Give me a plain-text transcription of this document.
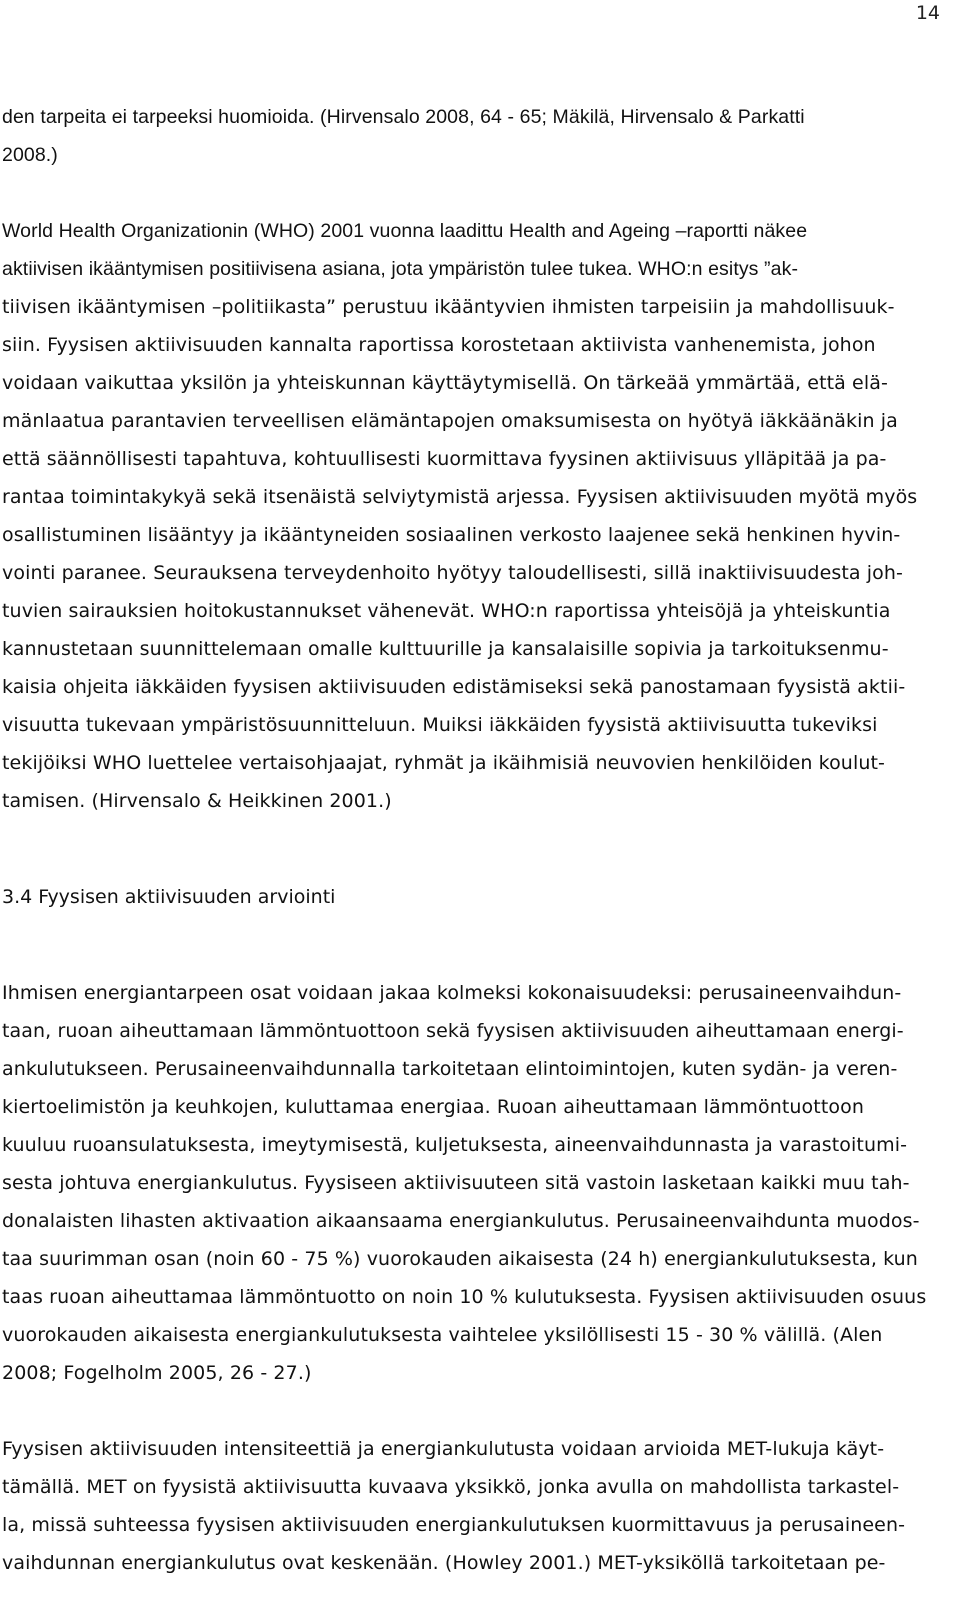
14
den tarpeita ei tarpeeksi huomioida. (Hirvensalo 2008, 64 - 65; Mäkilä, Hirvensalo & Parkatti
2008.)
World Health Organizationin (WHO) 2001 vuonna laadittu Health and Ageing –raportti näkee
aktiivisen ikääntymisen positiivisena asiana, jota ympäristön tulee tukea. WHO:n esitys ”ak-
tiivisen ikääntymisen –politiikasta” perustuu ikääntyvien ihmisten tarpeisiin ja mahdollisuuk-
siin. Fyysisen aktiivisuuden kannalta raportissa korostetaan aktiivista vanhenemista, johon
voidaan vaikuttaa yksilön ja yhteiskunnan käyttäytymisellä. On tärkeää ymmärtää, että elä-
mänlaatua parantavien terveellisen elämäntapojen omaksumisesta on hyötyä iäkkäänäkin ja
että säännöllisesti tapahtuva, kohtuullisesti kuormittava fyysinen aktiivisuus ylläpitää ja pa-
rantaa toimintakykyä sekä itsenäistä selviytymistä arjessa. Fyysisen aktiivisuuden myötä myös
osallistuminen lisääntyy ja ikääntyneiden sosiaalinen verkosto laajenee sekä henkinen hyvin-
vointi paranee. Seurauksena terveydenhoito hyötyy taloudellisesti, sillä inaktiivisuudesta joh-
tuvien sairauksien hoitokustannukset vähenevät. WHO:n raportissa yhteisöjä ja yhteiskuntia
kannustetaan suunnittelemaan omalle kulttuurille ja kansalaisille sopivia ja tarkoituksenmu-
kaisia ohjeita iäkkäiden fyysisen aktiivisuuden edistämiseksi sekä panostamaan fyysistä aktii-
visuutta tukevaan ympäristösuunnitteluun. Muiksi iäkkäiden fyysistä aktiivisuutta tukeviksi
tekijöiksi WHO luettelee vertaisohjaajat, ryhmät ja ikäihmisiä neuvovien henkilöiden koulut-
tamisen. (Hirvensalo & Heikkinen 2001.)
3.4 Fyysisen aktiivisuuden arviointi
Ihmisen energiantarpeen osat voidaan jakaa kolmeksi kokonaisuudeksi: perusaineenvaihdun-
taan, ruoan aiheuttamaan lämmöntuottoon sekä fyysisen aktiivisuuden aiheuttamaan energi-
ankulutukseen. Perusaineenvaihdunnalla tarkoitetaan elintoimintojen, kuten sydän- ja veren-
kiertoelimistön ja keuhkojen, kuluttamaa energiaa. Ruoan aiheuttamaan lämmöntuottoon
kuuluu ruoansulatuksesta, imeytymisestä, kuljetuksesta, aineenvaihdunnasta ja varastoitumi-
sesta johtuva energiankulutus. Fyysiseen aktiivisuuteen sitä vastoin lasketaan kaikki muu tah-
donalaisten lihasten aktivaation aikaansaama energiankulutus. Perusaineenvaihdunta muodos-
taa suurimman osan (noin 60 - 75 %) vuorokauden aikaisesta (24 h) energiankulutuksesta, kun
taas ruoan aiheuttamaa lämmöntuotto on noin 10 % kulutuksesta. Fyysisen aktiivisuuden osuus
vuorokauden aikaisesta energiankulutuksesta vaihtelee yksilöllisesti 15 - 30 % välillä. (Alen
2008; Fogelholm 2005, 26 - 27.)
Fyysisen aktiivisuuden intensiteettiä ja energiankulutusta voidaan arvioida MET-lukuja käyt-
tämällä. MET on fyysistä aktiivisuutta kuvaava yksikkö, jonka avulla on mahdollista tarkastel-
la, missä suhteessa fyysisen aktiivisuuden energiankulutuksen kuormittavuus ja perusaineen-
vaihdunnan energiankulutus ovat keskenään. (Howley 2001.) MET-yksiköllä tarkoitetaan pe-
